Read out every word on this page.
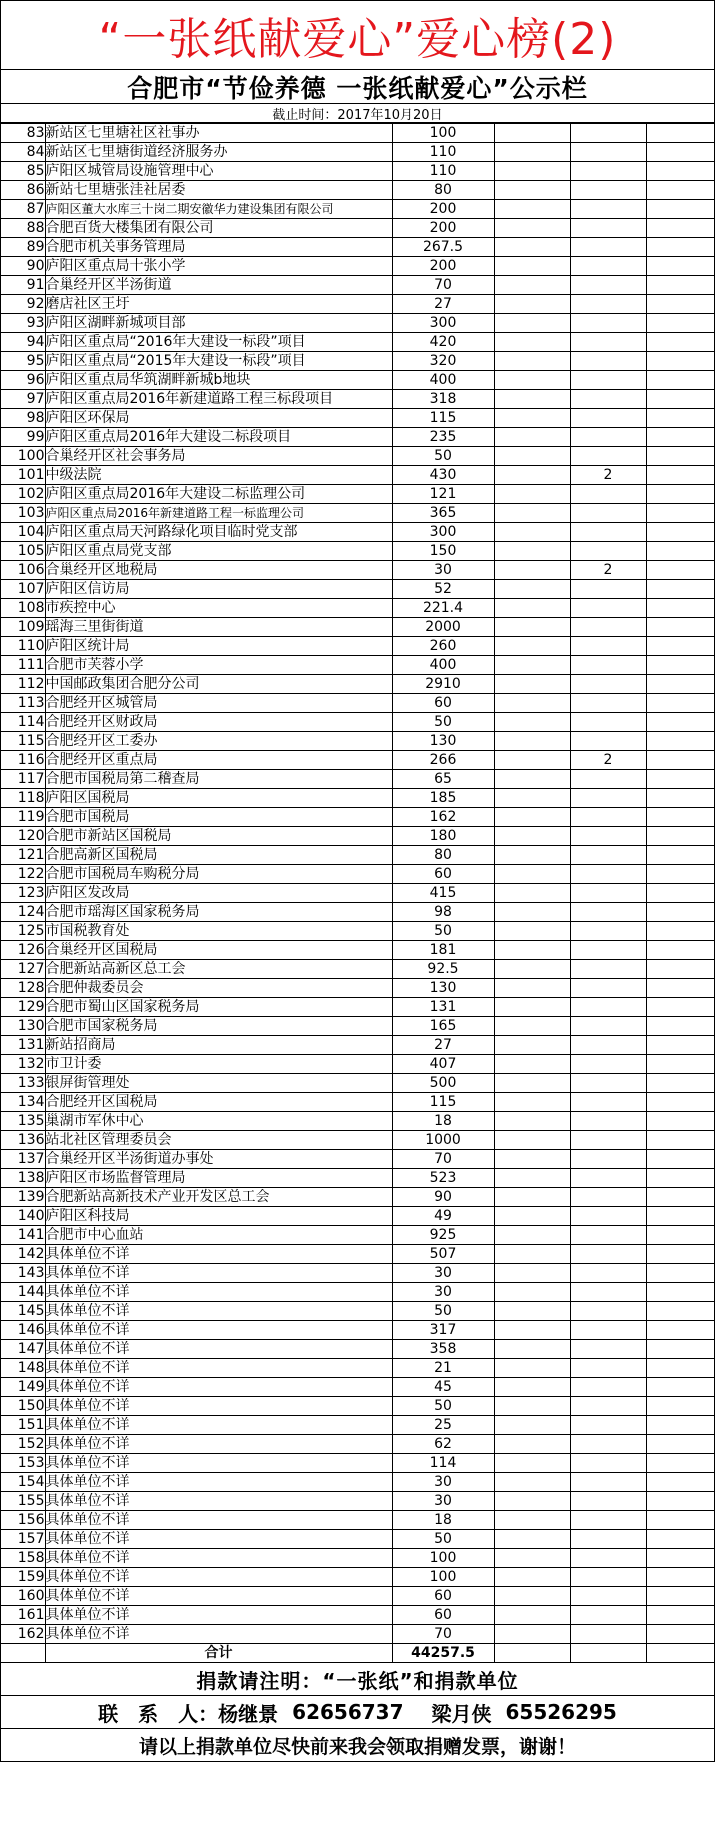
“一张纸献爱心”爱心榜(2)
合肥市“节俭养德 一张纸献爱心”公示栏
截止时间：2017年10月20日
83	新站区七里塘社区社事办	100			
84	新站区七里塘街道经济服务办	110			
85	庐阳区城管局设施管理中心	110			
86	新站七里塘张洼社居委	80			
87	庐阳区董大水库三十岗二期安徽华力建设集团有限公司	200			
88	合肥百货大楼集团有限公司	200			
89	合肥市机关事务管理局	267.5			
90	庐阳区重点局十张小学	200			
91	合巢经开区半汤街道	70			
92	磨店社区王圩	27			
93	庐阳区湖畔新城项目部	300			
94	庐阳区重点局“2016年大建设一标段”项目	420			
95	庐阳区重点局“2015年大建设一标段”项目	320			
96	庐阳区重点局华筑湖畔新城b地块	400			
97	庐阳区重点局2016年新建道路工程三标段项目	318			
98	庐阳区环保局	115			
99	庐阳区重点局2016年大建设二标段项目	235			
100	合巢经开区社会事务局	50			
101	中级法院	430		2	
102	庐阳区重点局2016年大建设二标监理公司	121			
103	庐阳区重点局2016年新建道路工程一标监理公司	365			
104	庐阳区重点局天河路绿化项目临时党支部	300			
105	庐阳区重点局党支部	150			
106	合巢经开区地税局	30		2	
107	庐阳区信访局	52			
108	市疾控中心	221.4			
109	瑶海三里街街道	2000			
110	庐阳区统计局	260			
111	合肥市芙蓉小学	400			
112	中国邮政集团合肥分公司	2910			
113	合肥经开区城管局	60			
114	合肥经开区财政局	50			
115	合肥经开区工委办	130			
116	合肥经开区重点局	266		2	
117	合肥市国税局第二稽查局	65			
118	庐阳区国税局	185			
119	合肥市国税局	162			
120	合肥市新站区国税局	180			
121	合肥高新区国税局	80			
122	合肥市国税局车购税分局	60			
123	庐阳区发改局	415			
124	合肥市瑶海区国家税务局	98			
125	市国税教育处	50			
126	合巢经开区国税局	181			
127	合肥新站高新区总工会	92.5			
128	合肥仲裁委员会	130			
129	合肥市蜀山区国家税务局	131			
130	合肥市国家税务局	165			
131	新站招商局	27			
132	市卫计委	407			
133	银屏街管理处	500			
134	合肥经开区国税局	115			
135	巢湖市军休中心	18			
136	站北社区管理委员会	1000			
137	合巢经开区半汤街道办事处	70			
138	庐阳区市场监督管理局	523			
139	合肥新站高新技术产业开发区总工会	90			
140	庐阳区科技局	49			
141	合肥市中心血站	925			
142	具体单位不详	507			
143	具体单位不详	30			
144	具体单位不详	30			
145	具体单位不详	50			
146	具体单位不详	317			
147	具体单位不详	358			
148	具体单位不详	21			
149	具体单位不详	45			
150	具体单位不详	50			
151	具体单位不详	25			
152	具体单位不详	62			
153	具体单位不详	114			
154	具体单位不详	30			
155	具体单位不详	30			
156	具体单位不详	18			
157	具体单位不详	50			
158	具体单位不详	100			
159	具体单位不详	100			
160	具体单位不详	60			
161	具体单位不详	60			
162	具体单位不详	70			
	合计	44257.5			
捐款请注明：“一张纸”和捐款单位
联　系　人： 杨继景 62656737 梁月侠 65526295
请以上捐款单位尽快前来我会领取捐赠发票，谢谢！
